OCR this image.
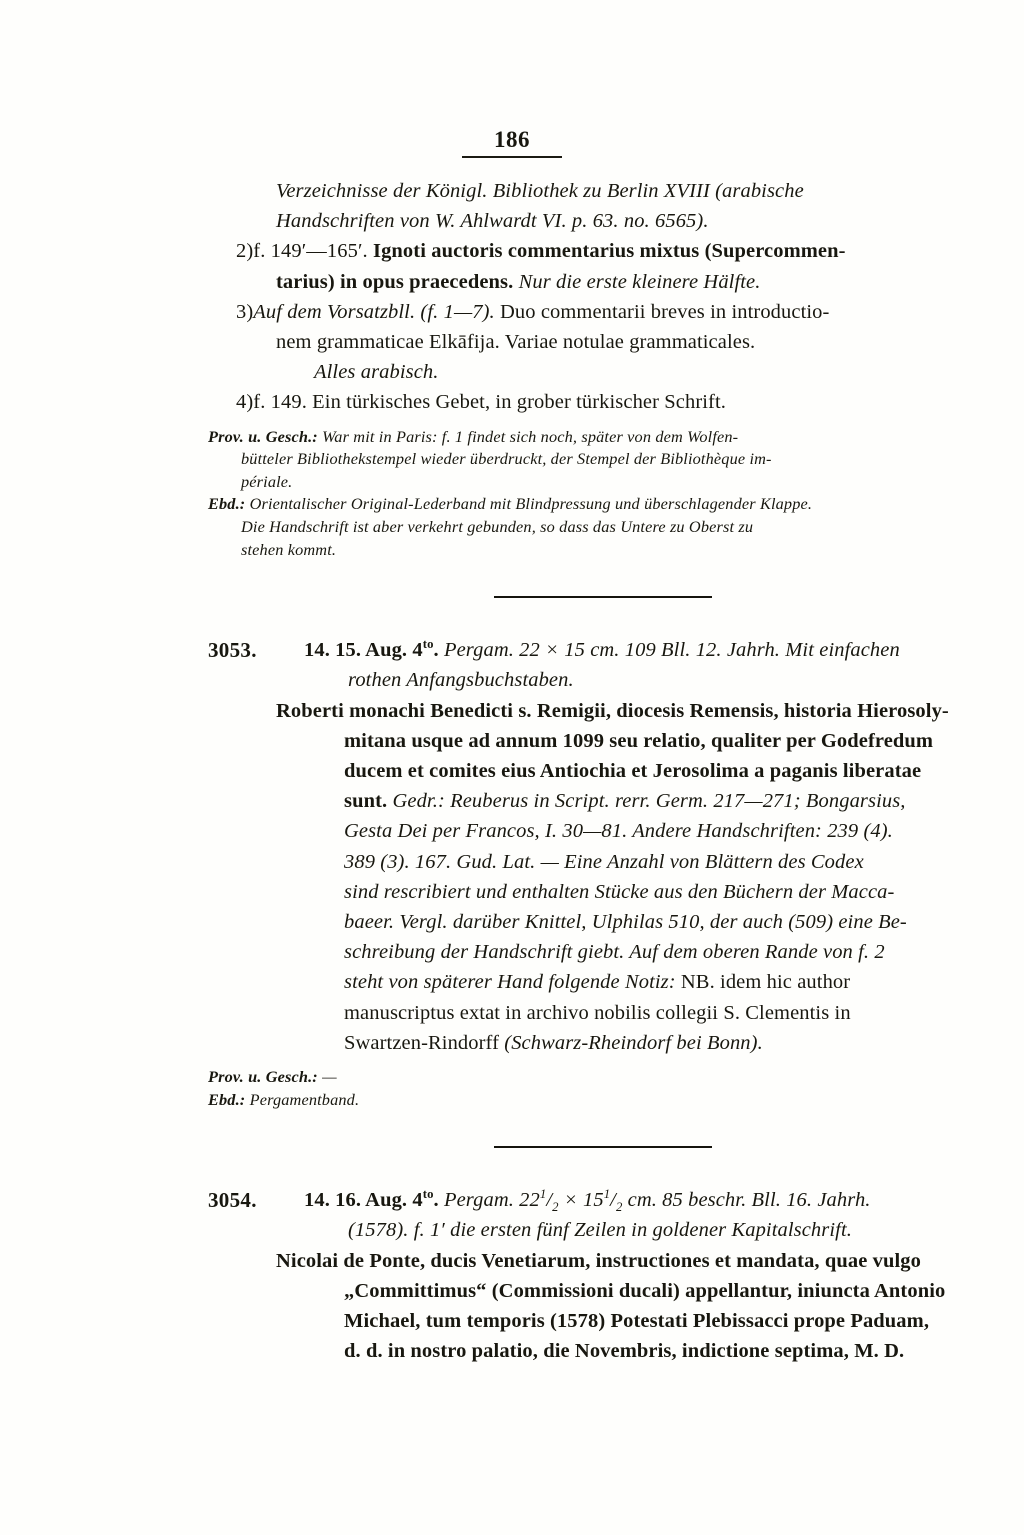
186
Verzeichnisse der Königl. Bibliothek zu Berlin XVIII (arabische
Handschriften von W. Ahlwardt VI. p. 63. no. 6565).
2)f. 149′—165′. Ignoti auctoris commentarius mixtus (Supercommen-
tarius) in opus praecedens. Nur die erste kleinere Hälfte.
3)Auf dem Vorsatzbll. (f. 1—7). Duo commentarii breves in introductio-
nem grammaticae Elkāfija. Variae notulae grammaticales.
Alles arabisch.
4)f. 149. Ein türkisches Gebet, in grober türkischer Schrift.
Prov. u. Gesch.: War mit in Paris: f. 1 findet sich noch, später von dem Wolfen-
bütteler Bibliothekstempel wieder überdruckt, der Stempel der Bibliothèque im-
périale.
Ebd.: Orientalischer Original-Lederband mit Blindpressung und überschlagender Klappe.
Die Handschrift ist aber verkehrt gebunden, so dass das Untere zu Oberst zu
stehen kommt.
3053.	14. 15. Aug. $4^{to}$. Pergam. 22 × 15 cm. 109 Bll. 12. Jahrh. Mit einfachen
rothen Anfangsbuchstaben.
Roberti monachi Benedicti s. Remigii, diocesis Remensis, historia Hierosoly-
mitana usque ad annum 1099 seu relatio, qualiter per Godefredum
ducem et comites eius Antiochia et Jerosolima a paganis liberatae
sunt. Gedr.: Reuberus in Script. rerr. Germ. 217—271; Bongarsius,
Gesta Dei per Francos, I. 30—81. Andere Handschriften: 239 (4).
389 (3). 167. Gud. Lat. — Eine Anzahl von Blättern des Codex
sind rescribiert und enthalten Stücke aus den Büchern der Macca-
baeer. Vergl. darüber Knittel, Ulphilas 510, der auch (509) eine Be-
schreibung der Handschrift giebt. Auf dem oberen Rande von f. 2
steht von späterer Hand folgende Notiz: NB. idem hic author
manuscriptus extat in archivo nobilis collegii S. Clementis in
Swartzen-Rindorff (Schwarz-Rheindorf bei Bonn).
Prov. u. Gesch.: —
Ebd.: Pergamentband.
3054.	14. 16. Aug. $4^{to}$. Pergam. $22^1/_2 \times 15^1/_2$ cm. 85 beschr. Bll. 16. Jahrh.
(1578). f. 1′ die ersten fünf Zeilen in goldener Kapitalschrift.
Nicolai de Ponte, ducis Venetiarum, instructiones et mandata, quae vulgo
„Committimus“ (Commissioni ducali) appellantur, iniuncta Antonio
Michael, tum temporis (1578) Potestati Plebissacci prope Paduam,
d. d. in nostro palatio, die Novembris, indictione septima, M. D.
